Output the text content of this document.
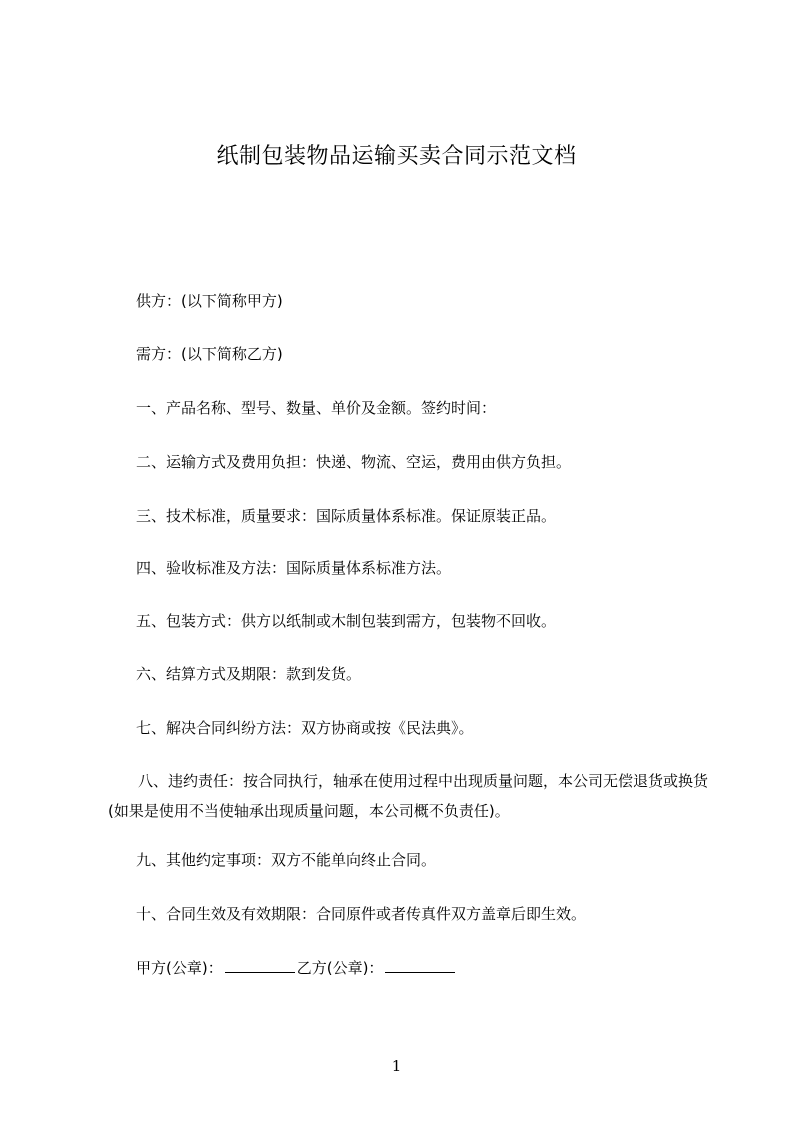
纸制包装物品运输买卖合同示范文档

供方：(以下简称甲方)

需方：(以下简称乙方)

一、产品名称、型号、数量、单价及金额。签约时间：

二、运输方式及费用负担：快递、物流、空运，费用由供方负担。

三、技术标准，质量要求：国际质量体系标准。保证原装正品。

四、验收标准及方法：国际质量体系标准方法。

五、包装方式：供方以纸制或木制包装到需方，包装物不回收。

六、结算方式及期限：款到发货。

七、解决合同纠纷方法：双方协商或按《民法典》。

八、违约责任：按合同执行，轴承在使用过程中出现质量问题，本公司无偿退货或换货(如果是使用不当使轴承出现质量问题，本公司概不负责任)。

九、其他约定事项：双方不能单向终止合同。

十、合同生效及有效期限：合同原件或者传真件双方盖章后即生效。

甲方(公章)：	乙方(公章)：

1
